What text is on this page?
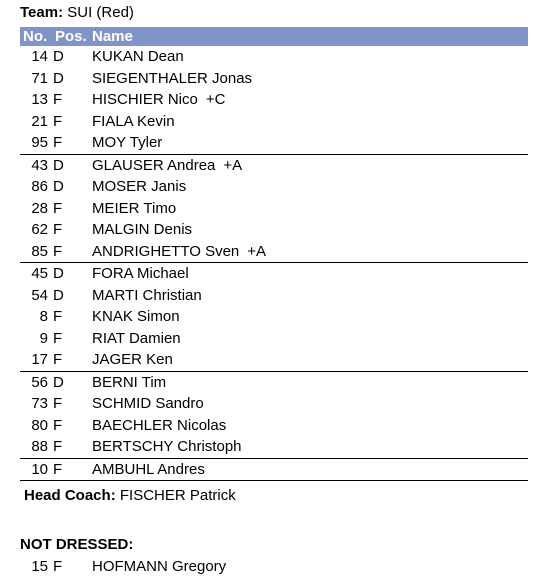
Team: SUI (Red)
No. Pos. Name
14 D KUKAN Dean
71 D SIEGENTHALER Jonas
13 F HISCHIER Nico +C
21 F FIALA Kevin
95 F MOY Tyler
43 D GLAUSER Andrea +A
86 D MOSER Janis
28 F MEIER Timo
62 F MALGIN Denis
85 F ANDRIGHETTO Sven +A
45 D FORA Michael
54 D MARTI Christian
8 F KNAK Simon
9 F RIAT Damien
17 F JAGER Ken
56 D BERNI Tim
73 F SCHMID Sandro
80 F BAECHLER Nicolas
88 F BERTSCHY Christoph
10 F AMBUHL Andres
Head Coach: FISCHER Patrick
NOT DRESSED:
15 F HOFMANN Gregory
